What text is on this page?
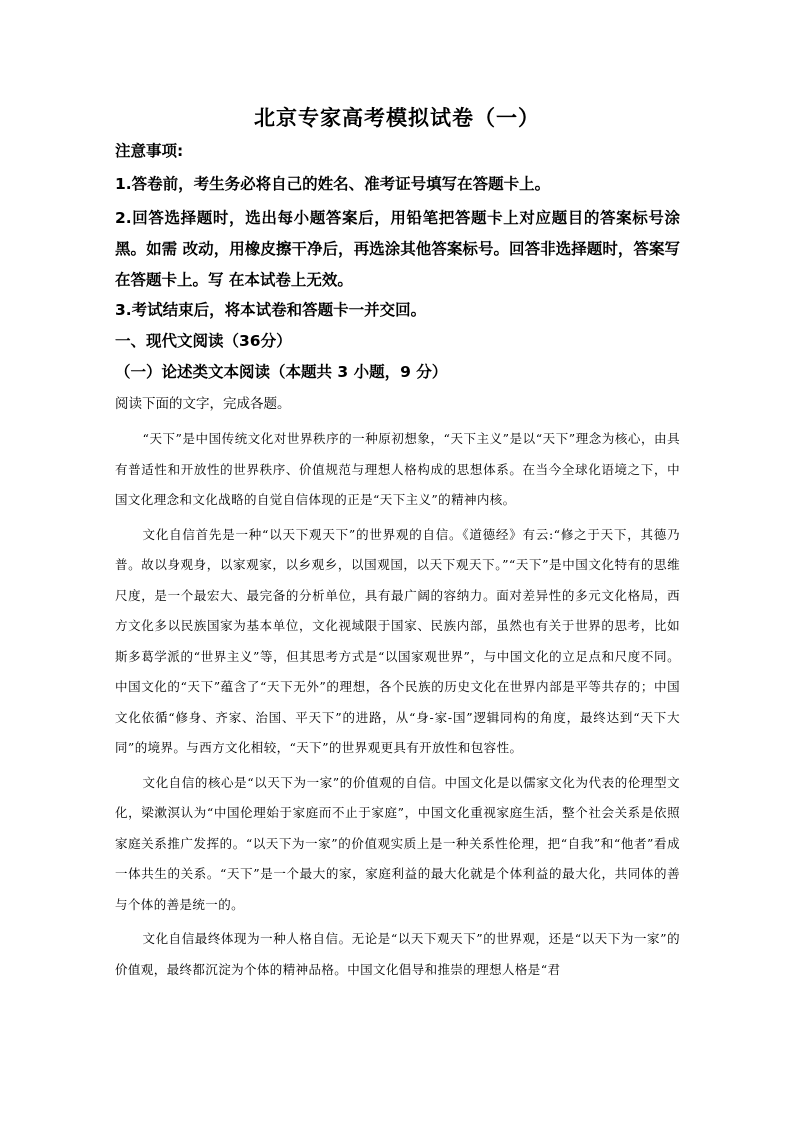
北京专家高考模拟试卷（一）
注意事项:
1.答卷前，考生务必将自己的姓名、准考证号填写在答题卡上。
2.回答选择题时，选出每小题答案后，用铅笔把答题卡上对应题目的答案标号涂黑。如需 改动，用橡皮擦干净后，再选涂其他答案标号。回答非选择题时，答案写在答题卡上。写 在本试卷上无效。
3.考试结束后，将本试卷和答题卡一并交回。
一、现代文阅读（36分）
（一）论述类文本阅读（本题共 3 小题，9 分）
阅读下面的文字，完成各题。

“天下”是中国传统文化对世界秩序的一种原初想象，“天下主义”是以“天下”理念为核心，由具有普适性和开放性的世界秩序、价值规范与理想人格构成的思想体系。在当今全球化语境之下，中国文化理念和文化战略的自觉自信体现的正是“天下主义”的精神内核。

文化自信首先是一种“以天下观天下”的世界观的自信。《道德经》有云:“修之于天下，其德乃普。故以身观身，以家观家，以乡观乡，以国观国，以天下观天下。”“天下”是中国文化特有的思维尺度，是一个最宏大、最完备的分析单位，具有最广阔的容纳力。面对差异性的多元文化格局，西方文化多以民族国家为基本单位，文化视域限于国家、民族内部，虽然也有关于世界的思考，比如斯多葛学派的“世界主义”等，但其思考方式是“以国家观世界”，与中国文化的立足点和尺度不同。中国文化的“天下”蕴含了“天下无外”的理想，各个民族的历史文化在世界内部是平等共存的；中国文化依循“修身、齐家、治国、平天下”的进路，从“身-家-国”逻辑同构的角度，最终达到“天下大同”的境界。与西方文化相较，“天下”的世界观更具有开放性和包容性。

文化自信的核心是“以天下为一家”的价值观的自信。中国文化是以儒家文化为代表的伦理型文化，梁漱溟认为“中国伦理始于家庭而不止于家庭”，中国文化重视家庭生活，整个社会关系是依照家庭关系推广发挥的。“以天下为一家”的价值观实质上是一种关系性伦理，把“自我”和“他者”看成一体共生的关系。“天下”是一个最大的家，家庭利益的最大化就是个体利益的最大化，共同体的善与个体的善是统一的。

文化自信最终体现为一种人格自信。无论是“以天下观天下”的世界观，还是“以天下为一家”的价值观，最终都沉淀为个体的精神品格。中国文化倡导和推崇的理想人格是“君
